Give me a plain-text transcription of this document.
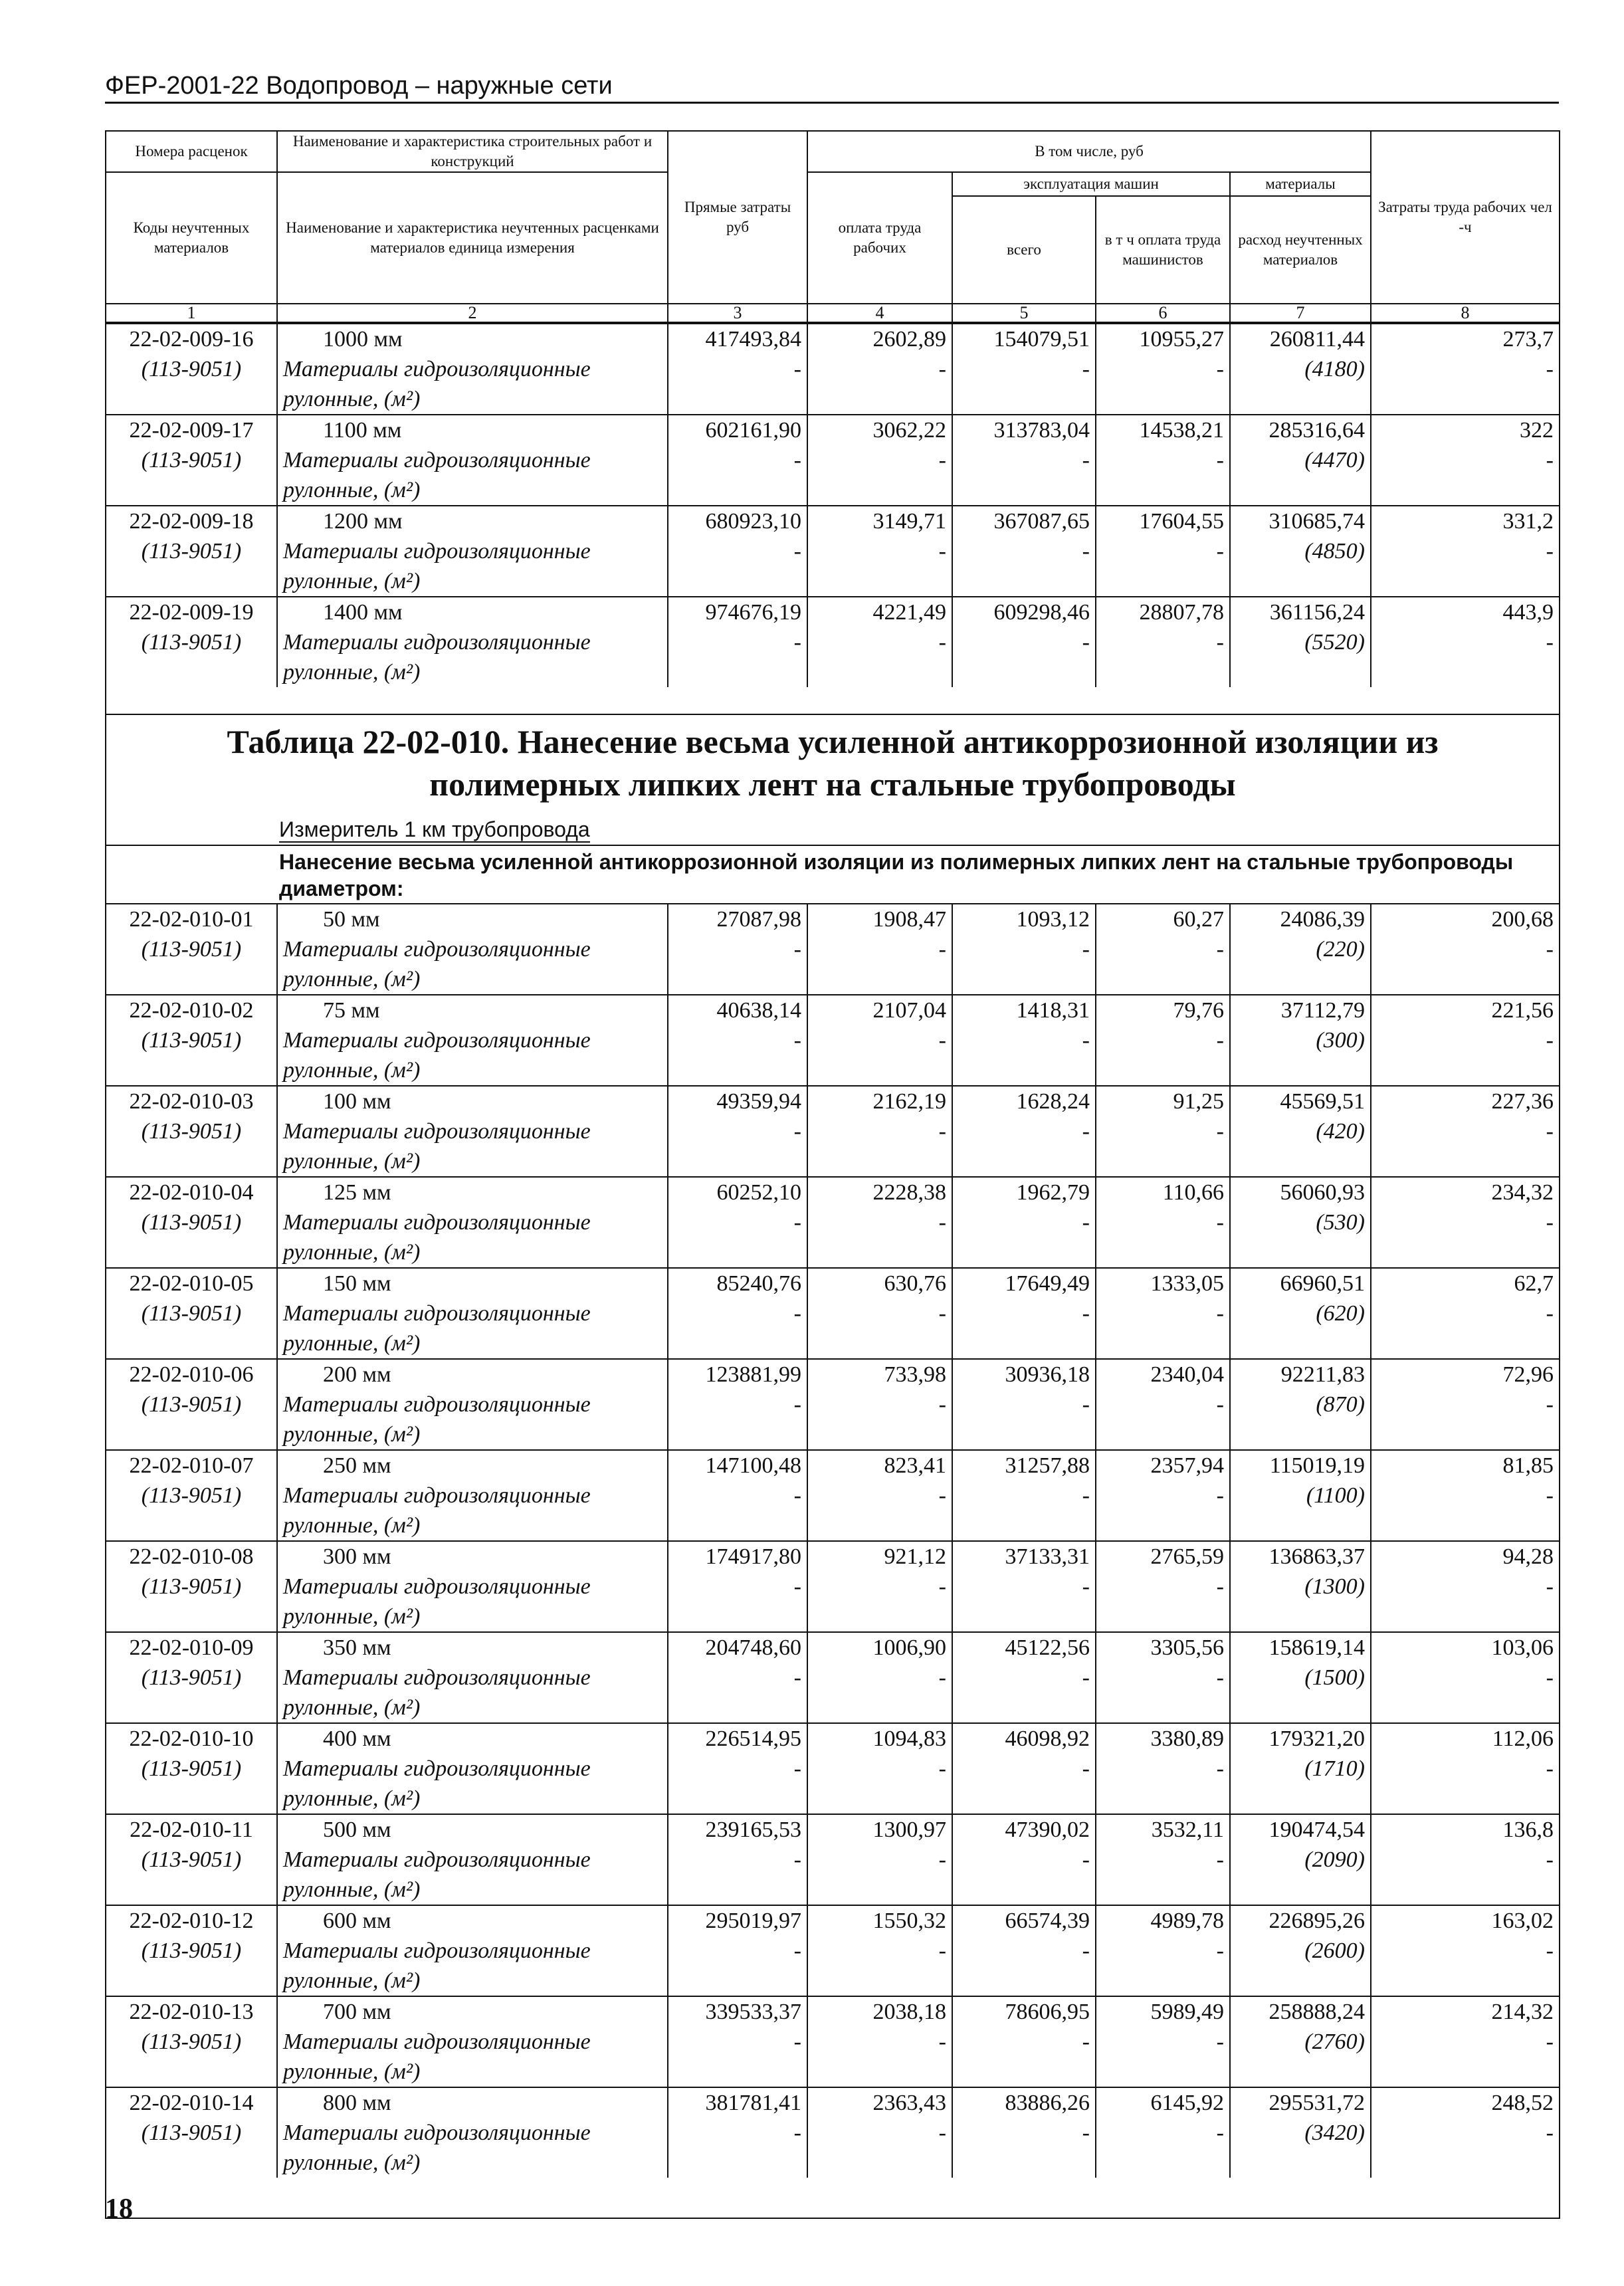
ФЕР-2001-22 Водопровод – наружные сети
Номера расценок	Наименование и характеристика строительных работ и конструкций	Прямые затраты руб	В том числе, руб				Затраты труда рабочих чел -ч
Коды неучтенных материалов	Наименование и характеристика неучтенных расценками материалов единица измерения		оплата труда рабочих	эксплуатация машин		материалы	
				всего	в т ч оплата труда машинистов	расход неучтенных материалов	
1	2	3	4	5	6	7	8
22-02-009-16	1000 мм	417493,84	2602,89	154079,51	10955,27	260811,44	273,7
(113-9051)	Материалы гидроизоляционные	-	-	-	-	(4180)	-
	рулонные, (м²)						
22-02-009-17	1100 мм	602161,90	3062,22	313783,04	14538,21	285316,64	322
(113-9051)	Материалы гидроизоляционные	-	-	-	-	(4470)	-
	рулонные, (м²)						
22-02-009-18	1200 мм	680923,10	3149,71	367087,65	17604,55	310685,74	331,2
(113-9051)	Материалы гидроизоляционные	-	-	-	-	(4850)	-
	рулонные, (м²)						
22-02-009-19	1400 мм	974676,19	4221,49	609298,46	28807,78	361156,24	443,9
(113-9051)	Материалы гидроизоляционные	-	-	-	-	(5520)	-
	рулонные, (м²)						

Таблица 22-02-010. Нанесение весьма усиленной антикоррозионной изоляции из
полимерных липких лент на стальные трубопроводы							

Измеритель 1 км трубопровода							
Нанесение весьма усиленной антикоррозионной изоляции из полимерных липких лент на стальные трубопроводы диаметром:							
22-02-010-01	50 мм	27087,98	1908,47	1093,12	60,27	24086,39	200,68
(113-9051)	Материалы гидроизоляционные	-	-	-	-	(220)	-
	рулонные, (м²)						
22-02-010-02	75 мм	40638,14	2107,04	1418,31	79,76	37112,79	221,56
(113-9051)	Материалы гидроизоляционные	-	-	-	-	(300)	-
	рулонные, (м²)						
22-02-010-03	100 мм	49359,94	2162,19	1628,24	91,25	45569,51	227,36
(113-9051)	Материалы гидроизоляционные	-	-	-	-	(420)	-
	рулонные, (м²)						
22-02-010-04	125 мм	60252,10	2228,38	1962,79	110,66	56060,93	234,32
(113-9051)	Материалы гидроизоляционные	-	-	-	-	(530)	-
	рулонные, (м²)						
22-02-010-05	150 мм	85240,76	630,76	17649,49	1333,05	66960,51	62,7
(113-9051)	Материалы гидроизоляционные	-	-	-	-	(620)	-
	рулонные, (м²)						
22-02-010-06	200 мм	123881,99	733,98	30936,18	2340,04	92211,83	72,96
(113-9051)	Материалы гидроизоляционные	-	-	-	-	(870)	-
	рулонные, (м²)						
22-02-010-07	250 мм	147100,48	823,41	31257,88	2357,94	115019,19	81,85
(113-9051)	Материалы гидроизоляционные	-	-	-	-	(1100)	-
	рулонные, (м²)						
22-02-010-08	300 мм	174917,80	921,12	37133,31	2765,59	136863,37	94,28
(113-9051)	Материалы гидроизоляционные	-	-	-	-	(1300)	-
	рулонные, (м²)						
22-02-010-09	350 мм	204748,60	1006,90	45122,56	3305,56	158619,14	103,06
(113-9051)	Материалы гидроизоляционные	-	-	-	-	(1500)	-
	рулонные, (м²)						
22-02-010-10	400 мм	226514,95	1094,83	46098,92	3380,89	179321,20	112,06
(113-9051)	Материалы гидроизоляционные	-	-	-	-	(1710)	-
	рулонные, (м²)						
22-02-010-11	500 мм	239165,53	1300,97	47390,02	3532,11	190474,54	136,8
(113-9051)	Материалы гидроизоляционные	-	-	-	-	(2090)	-
	рулонные, (м²)						
22-02-010-12	600 мм	295019,97	1550,32	66574,39	4989,78	226895,26	163,02
(113-9051)	Материалы гидроизоляционные	-	-	-	-	(2600)	-
	рулонные, (м²)						
22-02-010-13	700 мм	339533,37	2038,18	78606,95	5989,49	258888,24	214,32
(113-9051)	Материалы гидроизоляционные	-	-	-	-	(2760)	-
	рулонные, (м²)						
22-02-010-14	800 мм	381781,41	2363,43	83886,26	6145,92	295531,72	248,52
(113-9051)	Материалы гидроизоляционные	-	-	-	-	(3420)	-
	рулонные, (м²)						

18
